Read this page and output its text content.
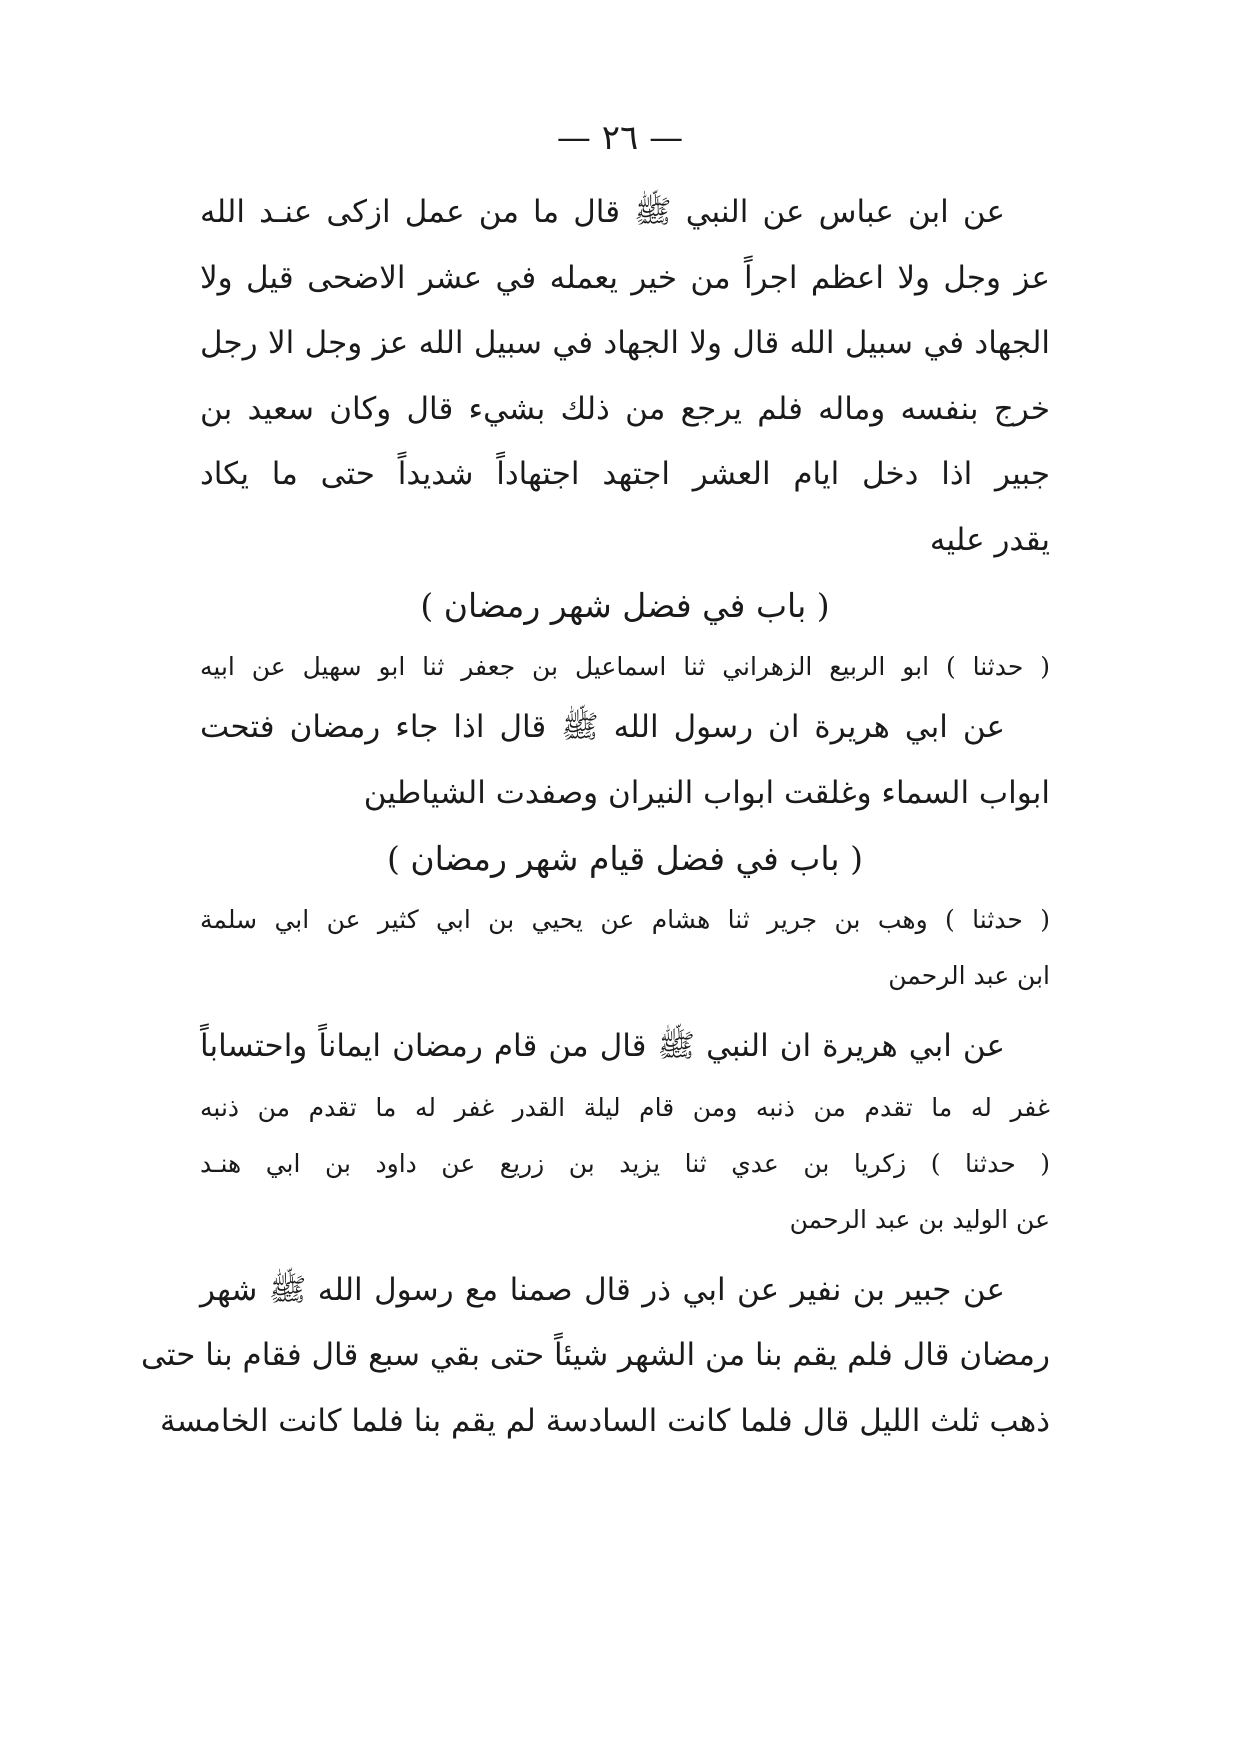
— ٢٦ —
عن ابن عباس عن النبي ﷺ قال ما من عمل ازكى عنـد الله
عز وجل ولا اعظم اجراً من خير يعمله في عشر الاضحى قيل ولا
الجهاد في سبيل الله قال ولا الجهاد في سبيل الله عز وجل الا رجل
خرج بنفسه وماله فلم يرجع من ذلك بشيء قال وكان سعيد بن
جبير اذا دخل ايام العشر اجتهد اجتهاداً شديداً حتى ما يكاد
يقدر عليه
( باب في فضل شهر رمضان )
( حدثنا ) ابو الربيع الزهراني ثنا اسماعيل بن جعفر ثنا ابو سهيل عن ابيه
عن ابي هريرة ان رسول الله ﷺ قال اذا جاء رمضان فتحت
ابواب السماء وغلقت ابواب النيران وصفدت الشياطين
( باب في فضل قيام شهر رمضان )
( حدثنا ) وهب بن جرير ثنا هشام عن يحيي بن ابي كثير عن ابي سلمة
ابن عبد الرحمن
عن ابي هريرة ان النبي ﷺ قال من قام رمضان ايماناً واحتساباً
غفر له ما تقدم من ذنبه ومن قام ليلة القدر غفر له ما تقدم من ذنبه
( حدثنا ) زكريا بن عدي ثنا يزيد بن زريع عن داود بن ابي هنـد
عن الوليد بن عبد الرحمن
عن جبير بن نفير عن ابي ذر قال صمنا مع رسول الله ﷺ شهر
رمضان قال فلم يقم بنا من الشهر شيئاً حتى بقي سبع قال فقام بنا حتى
ذهب ثلث الليل قال فلما كانت السادسة لم يقم بنا فلما كانت الخامسة
